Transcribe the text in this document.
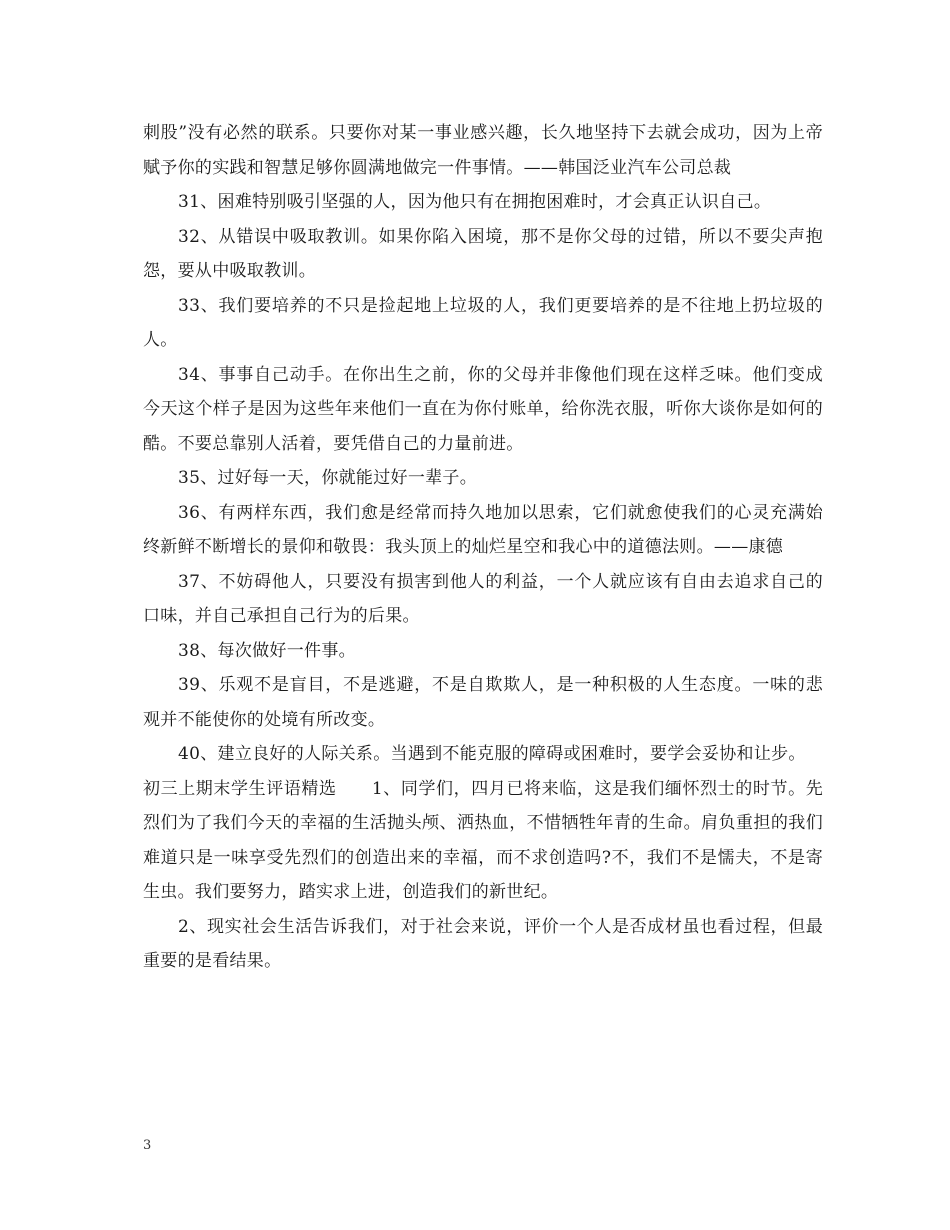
刺股”没有必然的联系。只要你对某一事业感兴趣，长久地坚持下去就会成功，因为上帝赋予你的实践和智慧足够你圆满地做完一件事情。——韩国泛业汽车公司总裁

31、困难特别吸引坚强的人，因为他只有在拥抱困难时，才会真正认识自己。

32、从错误中吸取教训。如果你陷入困境，那不是你父母的过错，所以不要尖声抱怨，要从中吸取教训。

33、我们要培养的不只是捡起地上垃圾的人，我们更要培养的是不往地上扔垃圾的人。

34、事事自己动手。在你出生之前，你的父母并非像他们现在这样乏味。他们变成今天这个样子是因为这些年来他们一直在为你付账单，给你洗衣服，听你大谈你是如何的酷。不要总靠别人活着，要凭借自己的力量前进。

35、过好每一天，你就能过好一辈子。

36、有两样东西，我们愈是经常而持久地加以思索，它们就愈使我们的心灵充满始终新鲜不断增长的景仰和敬畏：我头顶上的灿烂星空和我心中的道德法则。——康德

37、不妨碍他人，只要没有损害到他人的利益，一个人就应该有自由去追求自己的口味，并自己承担自己行为的后果。

38、每次做好一件事。

39、乐观不是盲目，不是逃避，不是自欺欺人，是一种积极的人生态度。一味的悲观并不能使你的处境有所改变。

40、建立良好的人际关系。当遇到不能克服的障碍或困难时，要学会妥协和让步。

初三上期末学生评语精选　　1、同学们，四月已将来临，这是我们缅怀烈士的时节。先烈们为了我们今天的幸福的生活抛头颅、洒热血，不惜牺牲年青的生命。肩负重担的我们难道只是一味享受先烈们的创造出来的幸福，而不求创造吗?不，我们不是懦夫，不是寄生虫。我们要努力，踏实求上进，创造我们的新世纪。

2、现实社会生活告诉我们，对于社会来说，评价一个人是否成材虽也看过程，但最重要的是看结果。

3
